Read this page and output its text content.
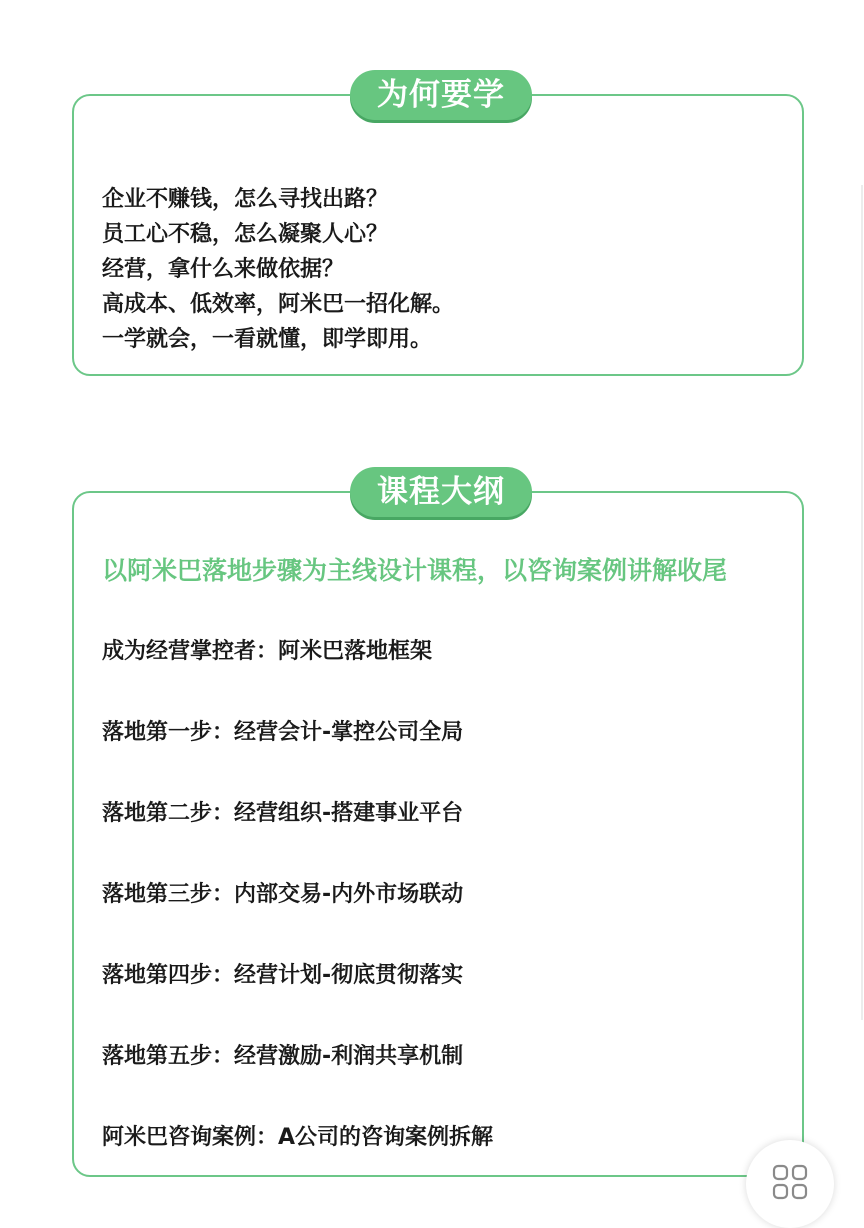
为何要学
企业不赚钱，怎么寻找出路？
员工心不稳，怎么凝聚人心？
经营，拿什么来做依据？
高成本、低效率，阿米巴一招化解。
一学就会，一看就懂，即学即用。
课程大纲
以阿米巴落地步骤为主线设计课程，以咨询案例讲解收尾
成为经营掌控者：阿米巴落地框架
落地第一步：经营会计-掌控公司全局
落地第二步：经营组织-搭建事业平台
落地第三步：内部交易-内外市场联动
落地第四步：经营计划-彻底贯彻落实
落地第五步：经营激励-利润共享机制
阿米巴咨询案例：A公司的咨询案例拆解
